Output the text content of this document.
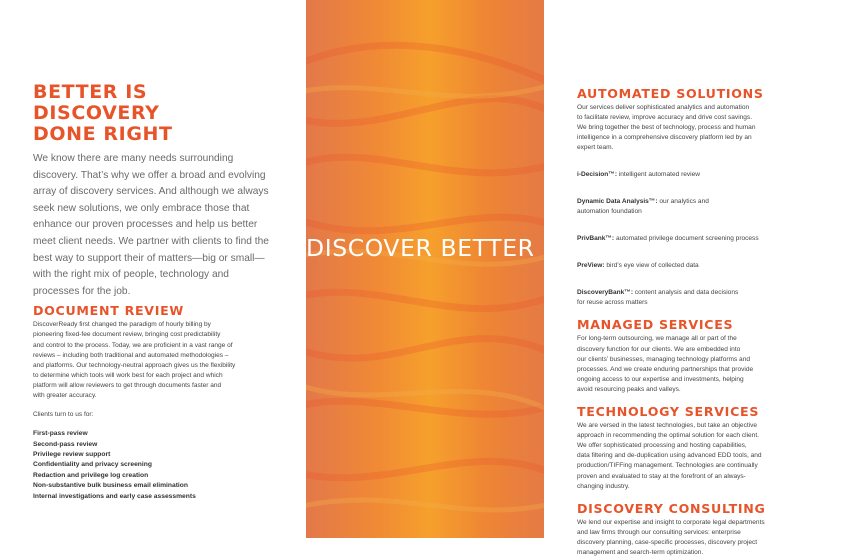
BETTER IS DISCOVERY
DONE RIGHT

We know there are many needs surrounding discovery. That’s why we offer a broad and evolving array of discovery services. And although we always seek new solutions, we only embrace those that enhance our proven processes and help us better meet client needs. We partner with clients to find the best way to support their of matters—big or small—with the right mix of people, technology and processes for the job.

DOCUMENT REVIEW

DiscoverReady first changed the paradigm of hourly billing by
pioneering fixed-fee document review, bringing cost predictability
and control to the process. Today, we are proficient in a vast range of
reviews – including both traditional and automated methodologies –
and platforms. Our technology-neutral approach gives us the flexibility
to determine which tools will work best for each project and which
platform will allow reviewers to get through documents faster and
with greater accuracy.

Clients turn to us for:

First-pass review
Second-pass review
Privilege review support
Confidentiality and privacy screening
Redaction and privilege log creation
Non-substantive bulk business email elimination
Internal investigations and early case assessments
DISCOVER BETTER
AUTOMATED SOLUTIONS

Our services deliver sophisticated analytics and automation
to facilitate review, improve accuracy and drive cost savings.
We bring together the best of technology, process and human
intelligence in a comprehensive discovery platform led by an
expert team.

i-Decision™: intelligent automated review

Dynamic Data Analysis™: our analytics and
automation foundation

PrivBank™: automated privilege document screening process

PreView: bird’s eye view of collected data

DiscoveryBank™: content analysis and data decisions
for reuse across matters

MANAGED SERVICES

For long-term outsourcing, we manage all or part of the
discovery function for our clients. We are embedded into
our clients’ businesses, managing technology platforms and
processes. And we create enduring partnerships that provide
ongoing access to our expertise and investments, helping
avoid resourcing peaks and valleys.

TECHNOLOGY SERVICES

We are versed in the latest technologies, but take an objective
approach in recommending the optimal solution for each client.
We offer sophisticated processing and hosting capabilities,
data filtering and de-duplication using advanced EDD tools, and
production/TIFFing management. Technologies are continually
proven and evaluated to stay at the forefront of an always-
changing industry.

DISCOVERY CONSULTING

We lend our expertise and insight to corporate legal departments
and law firms through our consulting services: enterprise
discovery planning, case-specific processes, discovery project
management and search-term optimization.
